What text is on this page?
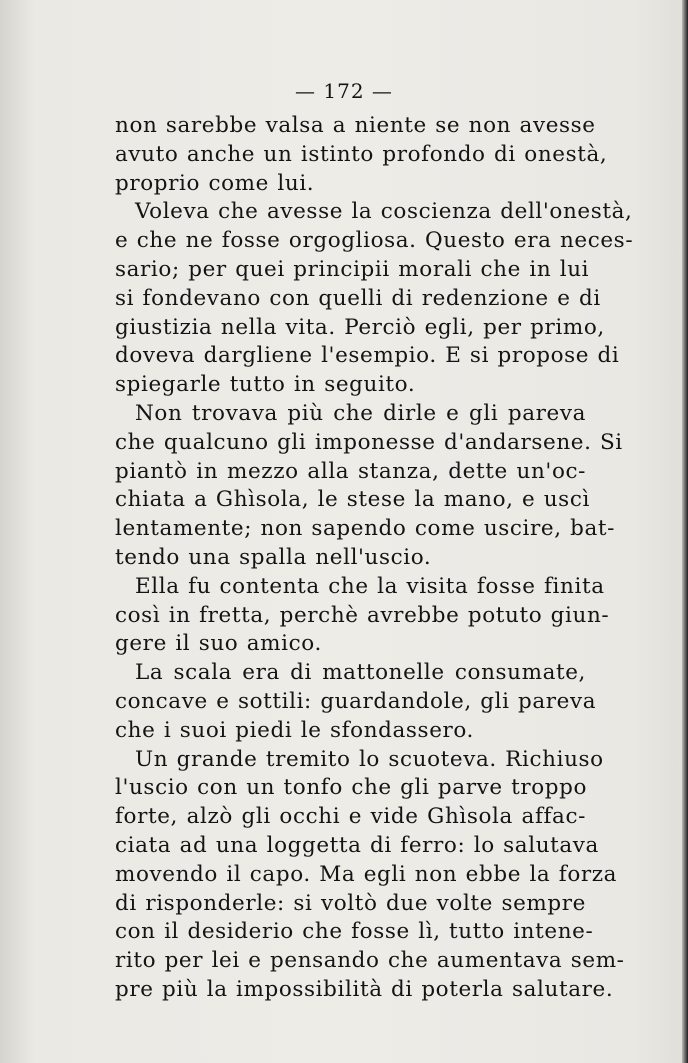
— 172 —
non sarebbe valsa a niente se non avesse
avuto anche un istinto profondo di onestà,
proprio come lui.
Voleva che avesse la coscienza dell'onestà,
e che ne fosse orgogliosa. Questo era neces-
sario; per quei principii morali che in lui
si fondevano con quelli di redenzione e di
giustizia nella vita. Perciò egli, per primo,
doveva dargliene l'esempio. E si propose di
spiegarle tutto in seguito.
Non trovava più che dirle e gli pareva
che qualcuno gli imponesse d'andarsene. Si
piantò in mezzo alla stanza, dette un'oc-
chiata a Ghìsola, le stese la mano, e uscì
lentamente; non sapendo come uscire, bat-
tendo una spalla nell'uscio.
Ella fu contenta che la visita fosse finita
così in fretta, perchè avrebbe potuto giun-
gere il suo amico.
La scala era di mattonelle consumate,
concave e sottili: guardandole, gli pareva
che i suoi piedi le sfondassero.
Un grande tremito lo scuoteva. Richiuso
l'uscio con un tonfo che gli parve troppo
forte, alzò gli occhi e vide Ghìsola affac-
ciata ad una loggetta di ferro: lo salutava
movendo il capo. Ma egli non ebbe la forza
di risponderle: si voltò due volte sempre
con il desiderio che fosse lì, tutto intene-
rito per lei e pensando che aumentava sem-
pre più la impossibilità di poterla salutare.
